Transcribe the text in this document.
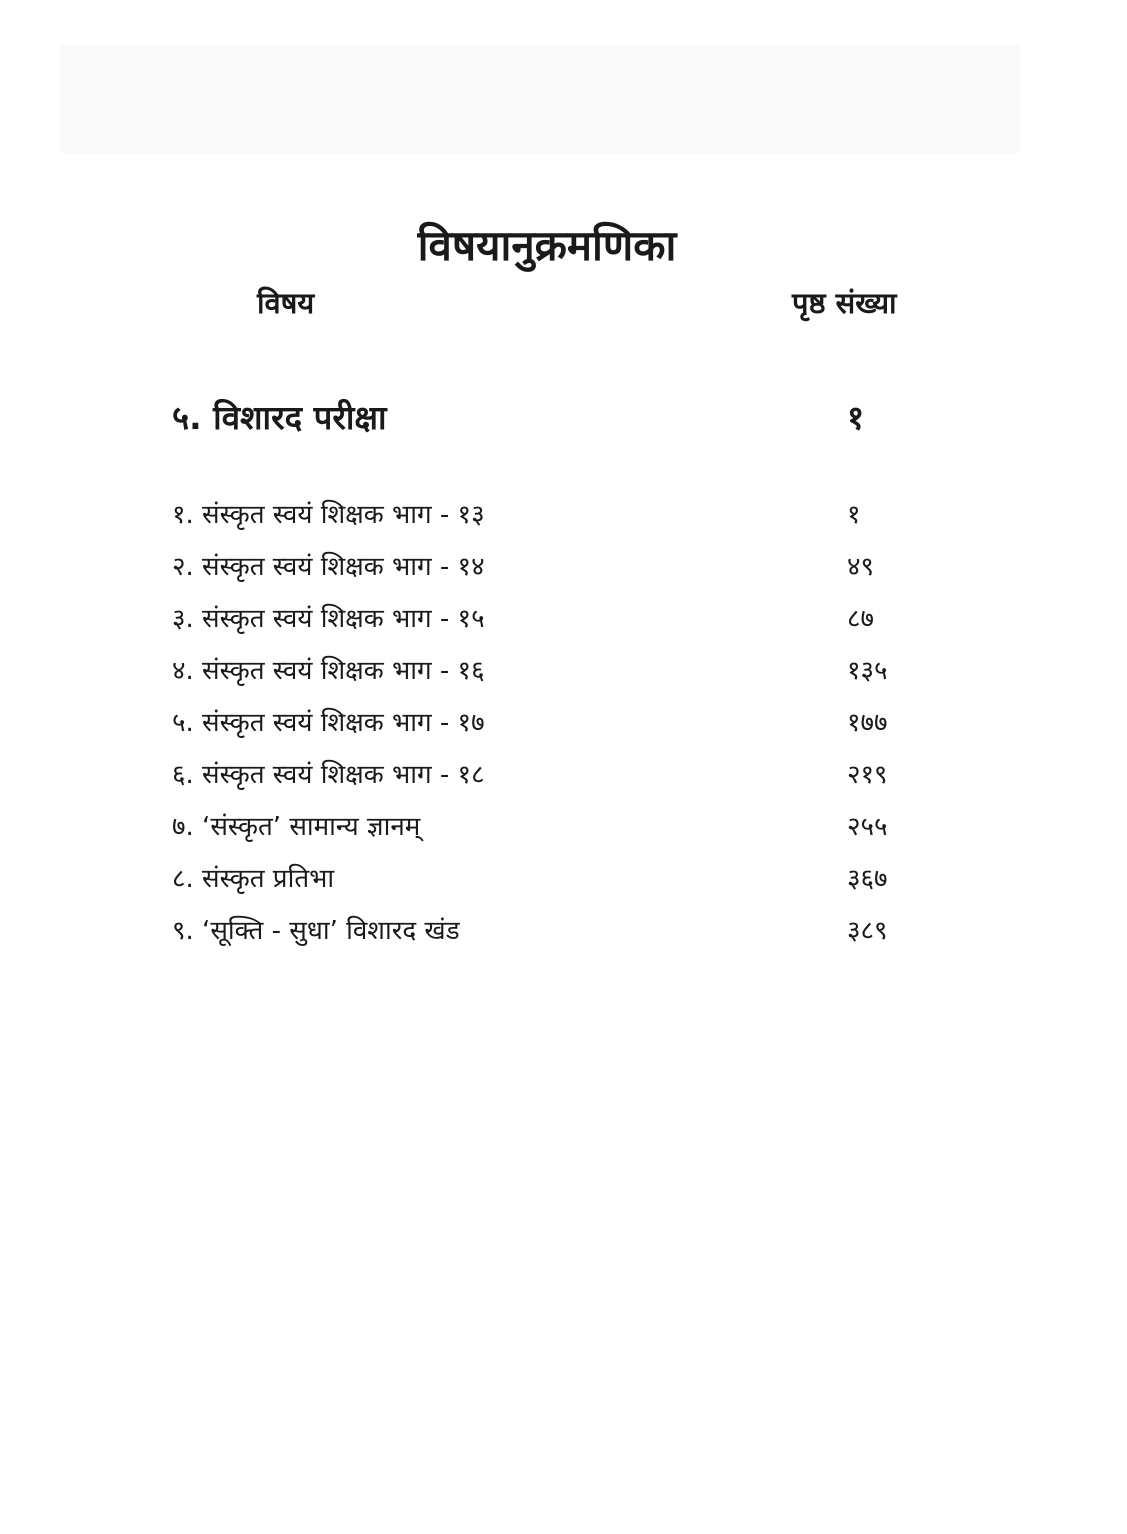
विषयानुक्रमणिका
विषय	पृष्ठ संख्या
५. विशारद परीक्षा	१
१. संस्कृत स्वयं शिक्षक भाग - १३	१
२. संस्कृत स्वयं शिक्षक भाग - १४	४९
३. संस्कृत स्वयं शिक्षक भाग - १५	८७
४. संस्कृत स्वयं शिक्षक भाग - १६	१३५
५. संस्कृत स्वयं शिक्षक भाग - १७	१७७
६. संस्कृत स्वयं शिक्षक भाग - १८	२१९
७. ‘संस्कृत’ सामान्य ज्ञानम्	२५५
८. संस्कृत प्रतिभा	३६७
९. ‘सूक्ति - सुधा’ विशारद खंड	३८९
